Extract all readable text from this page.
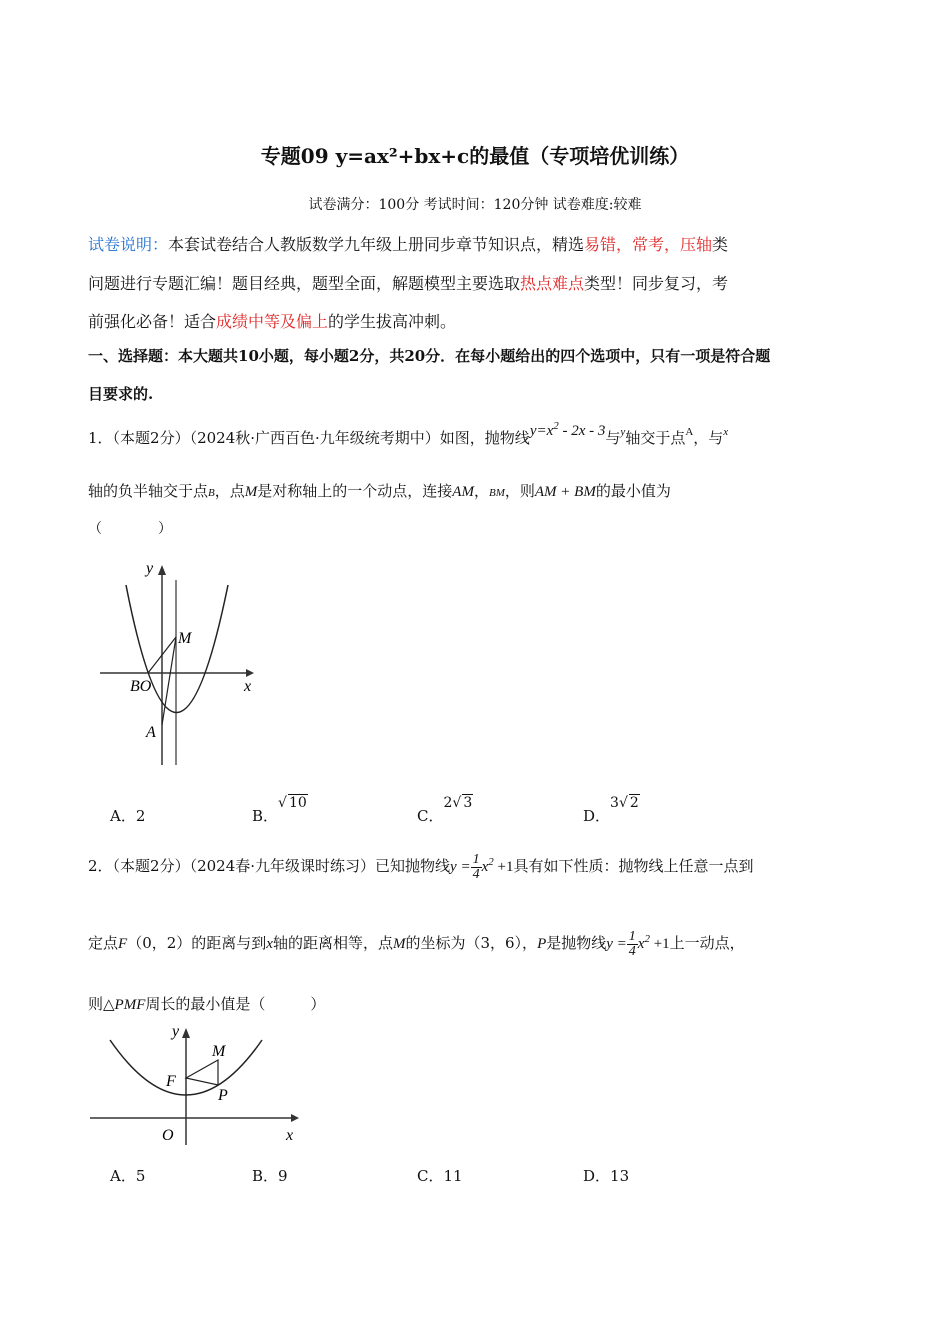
专题09 y=ax²+bx+c的最值（专项培优训练）
试卷满分：100分 考试时间：120分钟 试卷难度:较难
试卷说明：本套试卷结合人教版数学九年级上册同步章节知识点，精选易错，常考，压轴类
问题进行专题汇编！题目经典，题型全面，解题模型主要选取热点难点类型！同步复习，考
前强化必备！适合成绩中等及偏上的学生拔高冲刺。
一、选择题：本大题共10小题，每小题2分，共20分．在每小题给出的四个选项中，只有一项是符合题
目要求的.
1．（本题2分）（2024秋·广西百色·九年级统考期中）如图，抛物线$y=x^2 - 2x - 3$与$^y$轴交于点$^A$，与$^x$
轴的负半轴交于点B，点M是对称轴上的一个动点，连接AM，BM，则AM + BM的最小值为
（　　　　）
y
M
BO	x
A
A．2	B．√ 10
C．2√ 3
D．3√ 2
2．（本题2分）（2024春·九年级课时练习）已知抛物线$y = \frac{1}{4} x^2 +1$具有如下性质：抛物线上任意一点到
定点F（0，2）的距离与到x轴的距离相等，点M的坐标为（3，6），P是抛物线$y = \frac{1}{4} x^2 +1$上一动点，
则△PMF周长的最小值是（　　　）
y
M
F
P
O	x
A．5	B．9	C．11	D．13
